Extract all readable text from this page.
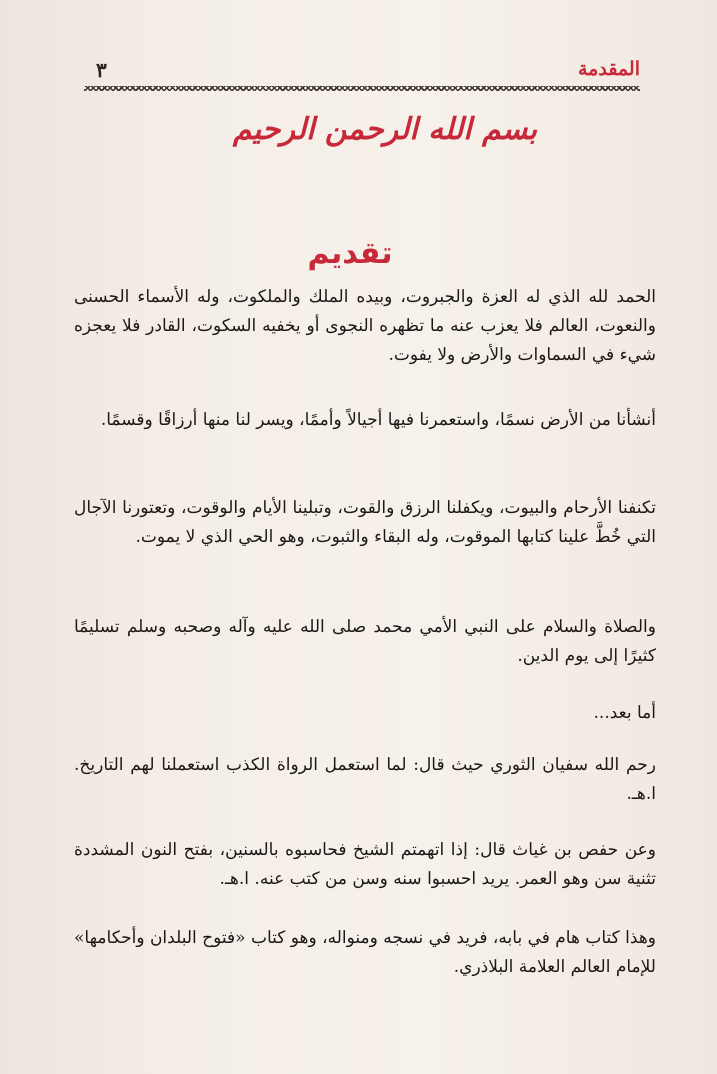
المقدمة
٣
بسم الله الرحمن الرحيم
تقديم
الحمد لله الذي له العزة والجبروت، وبيده الملك والملكوت، وله الأسماء الحسنى والنعوت، العالم فلا يعزب عنه ما تظهره النجوى أو يخفيه السكوت، القادر فلا يعجزه شيء في السماوات والأرض ولا يفوت.
أنشأنا من الأرض نسمًا، واستعمرنا فيها أجيالاً وأممًا، ويسر لنا منها أرزاقًا وقسمًا.
تكنفنا الأرحام والبيوت، ويكفلنا الرزق والقوت، وتبلينا الأيام والوقوت، وتعتورنا الآجال التي خُطَّ علينا كتابها الموقوت، وله البقاء والثبوت، وهو الحي الذي لا يموت.
والصلاة والسلام على النبي الأمي محمد صلى الله عليه وآله وصحبه وسلم تسليمًا كثيرًا إلى يوم الدين.
أما بعد...
رحم الله سفيان الثوري حيث قال: لما استعمل الرواة الكذب استعملنا لهم التاريخ. ا.هـ.
وعن حفص بن غياث قال: إذا اتهمتم الشيخ فحاسبوه بالسنين، بفتح النون المشددة تثنية سن وهو العمر. يريد احسبوا سنه وسن من كتب عنه. ا.هـ.
وهذا كتاب هام في بابه، فريد في نسجه ومنواله، وهو كتاب «فتوح البلدان وأحكامها» للإمام العالم العلامة البلاذري.
